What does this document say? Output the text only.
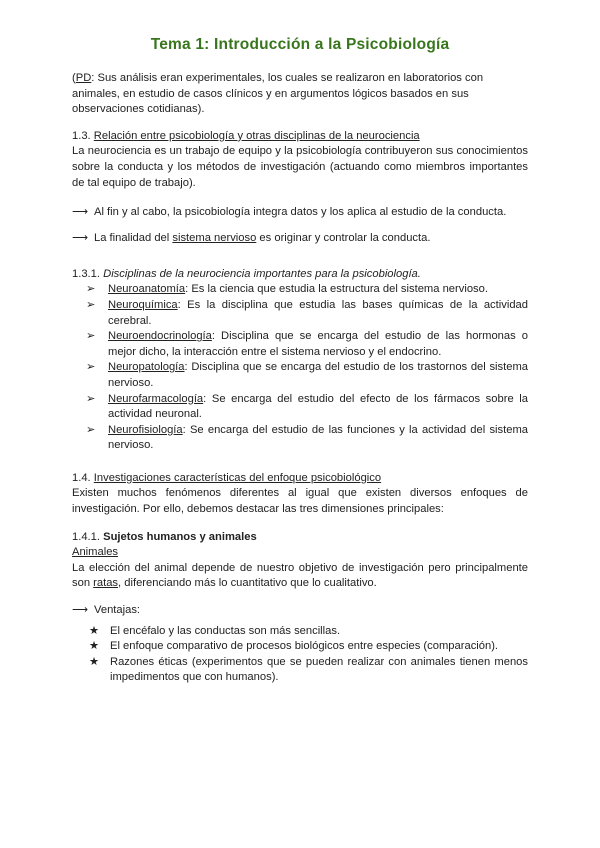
Tema 1: Introducción a la Psicobiología

(PD: Sus análisis eran experimentales, los cuales se realizaron en laboratorios con animales, en estudio de casos clínicos y en argumentos lógicos basados en sus observaciones cotidianas).

1.3. Relación entre psicobiología y otras disciplinas de la neurociencia

La neurociencia es un trabajo de equipo y la psicobiología contribuyeron sus conocimientos sobre la conducta y los métodos de investigación (actuando como miembros importantes de tal equipo de trabajo).

⟶ Al fin y al cabo, la psicobiología integra datos y los aplica al estudio de la conducta.

⟶ La finalidad del sistema nervioso es originar y controlar la conducta.

1.3.1. Disciplinas de la neurociencia importantes para la psicobiología.

➢ Neuroanatomía: Es la ciencia que estudia la estructura del sistema nervioso.
➢ Neuroquímica: Es la disciplina que estudia las bases químicas de la actividad cerebral.
➢ Neuroendocrinología: Disciplina que se encarga del estudio de las hormonas o mejor dicho, la interacción entre el sistema nervioso y el endocrino.
➢ Neuropatología: Disciplina que se encarga del estudio de los trastornos del sistema nervioso.
➢ Neurofarmacología: Se encarga del estudio del efecto de los fármacos sobre la actividad neuronal.
➢ Neurofisiología: Se encarga del estudio de las funciones y la actividad del sistema nervioso.

1.4. Investigaciones características del enfoque psicobiológico

Existen muchos fenómenos diferentes al igual que existen diversos enfoques de investigación. Por ello, debemos destacar las tres dimensiones principales:

1.4.1. Sujetos humanos y animales

Animales

La elección del animal depende de nuestro objetivo de investigación pero principalmente son ratas, diferenciando más lo cuantitativo que lo cualitativo.

⟶ Ventajas:

★ El encéfalo y las conductas son más sencillas.
★ El enfoque comparativo de procesos biológicos entre especies (comparación).
★ Razones éticas (experimentos que se pueden realizar con animales tienen menos impedimentos que con humanos).
